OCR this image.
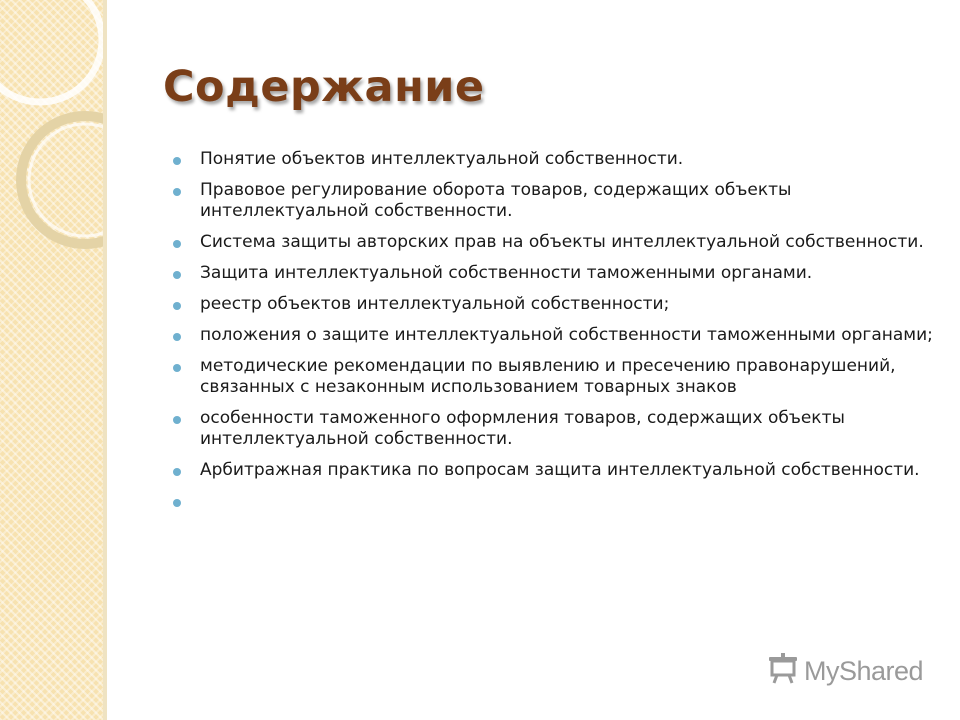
Содержание
Понятие объектов интеллектуальной собственности.
Правовое регулирование оборота товаров, содержащих объекты интеллектуальной собственности.
Система защиты авторских прав на объекты интеллектуальной собственности.
Защита интеллектуальной собственности таможенными органами.
реестр объектов интеллектуальной собственности;
положения о защите интеллектуальной собственности таможенными органами;
методические рекомендации по выявлению и пресечению правонарушений,    связанных с незаконным использованием товарных знаков
особенности таможенного оформления товаров, содержащих объекты интеллектуальной собственности.
Арбитражная практика по вопросам защита интеллектуальной собственности.
MyShared
